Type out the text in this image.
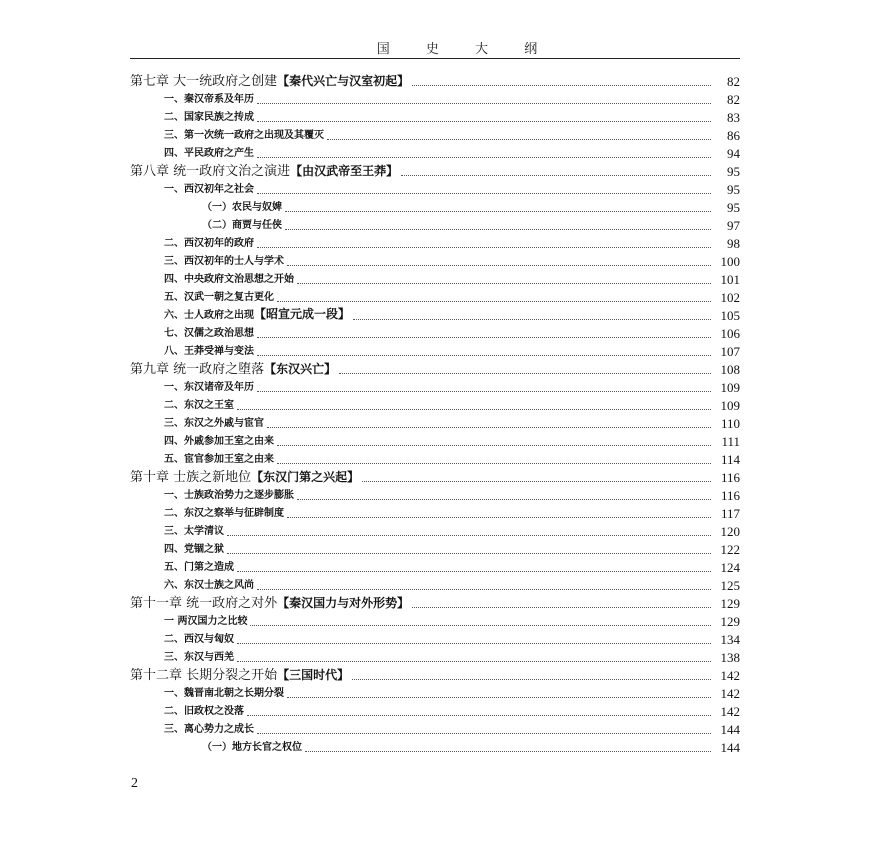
国 史 大 纲
第七章 大一统政府之创建【秦代兴亡与汉室初起】	82
一、秦汉帝系及年历	82
二、国家民族之抟成	83
三、第一次统一政府之出现及其覆灭	86
四、平民政府之产生	94
第八章 统一政府文治之演进【由汉武帝至王莽】	95
一、西汉初年之社会	95
（一）农民与奴婢	95
（二）商贾与任侠	97
二、西汉初年的政府	98
三、西汉初年的士人与学术	100
四、中央政府文治思想之开始	101
五、汉武一朝之复古更化	102
六、士人政府之出现【昭宣元成一段】	105
七、汉儒之政治思想	106
八、王莽受禅与变法	107
第九章 统一政府之堕落【东汉兴亡】	108
一、东汉诸帝及年历	109
二、东汉之王室	109
三、东汉之外戚与宦官	110
四、外戚参加王室之由来	111
五、宦官参加王室之由来	114
第十章 士族之新地位【东汉门第之兴起】	116
一、士族政治势力之逐步膨胀	116
二、东汉之察举与征辟制度	117
三、太学清议	120
四、党锢之狱	122
五、门第之造成	124
六、东汉士族之风尚	125
第十一章 统一政府之对外【秦汉国力与对外形势】	129
一 两汉国力之比较	129
二、西汉与匈奴	134
三、东汉与西羌	138
第十二章 长期分裂之开始【三国时代】	142
一、魏晋南北朝之长期分裂	142
二、旧政权之没落	142
三、离心势力之成长	144
（一）地方长官之权位	144
2
